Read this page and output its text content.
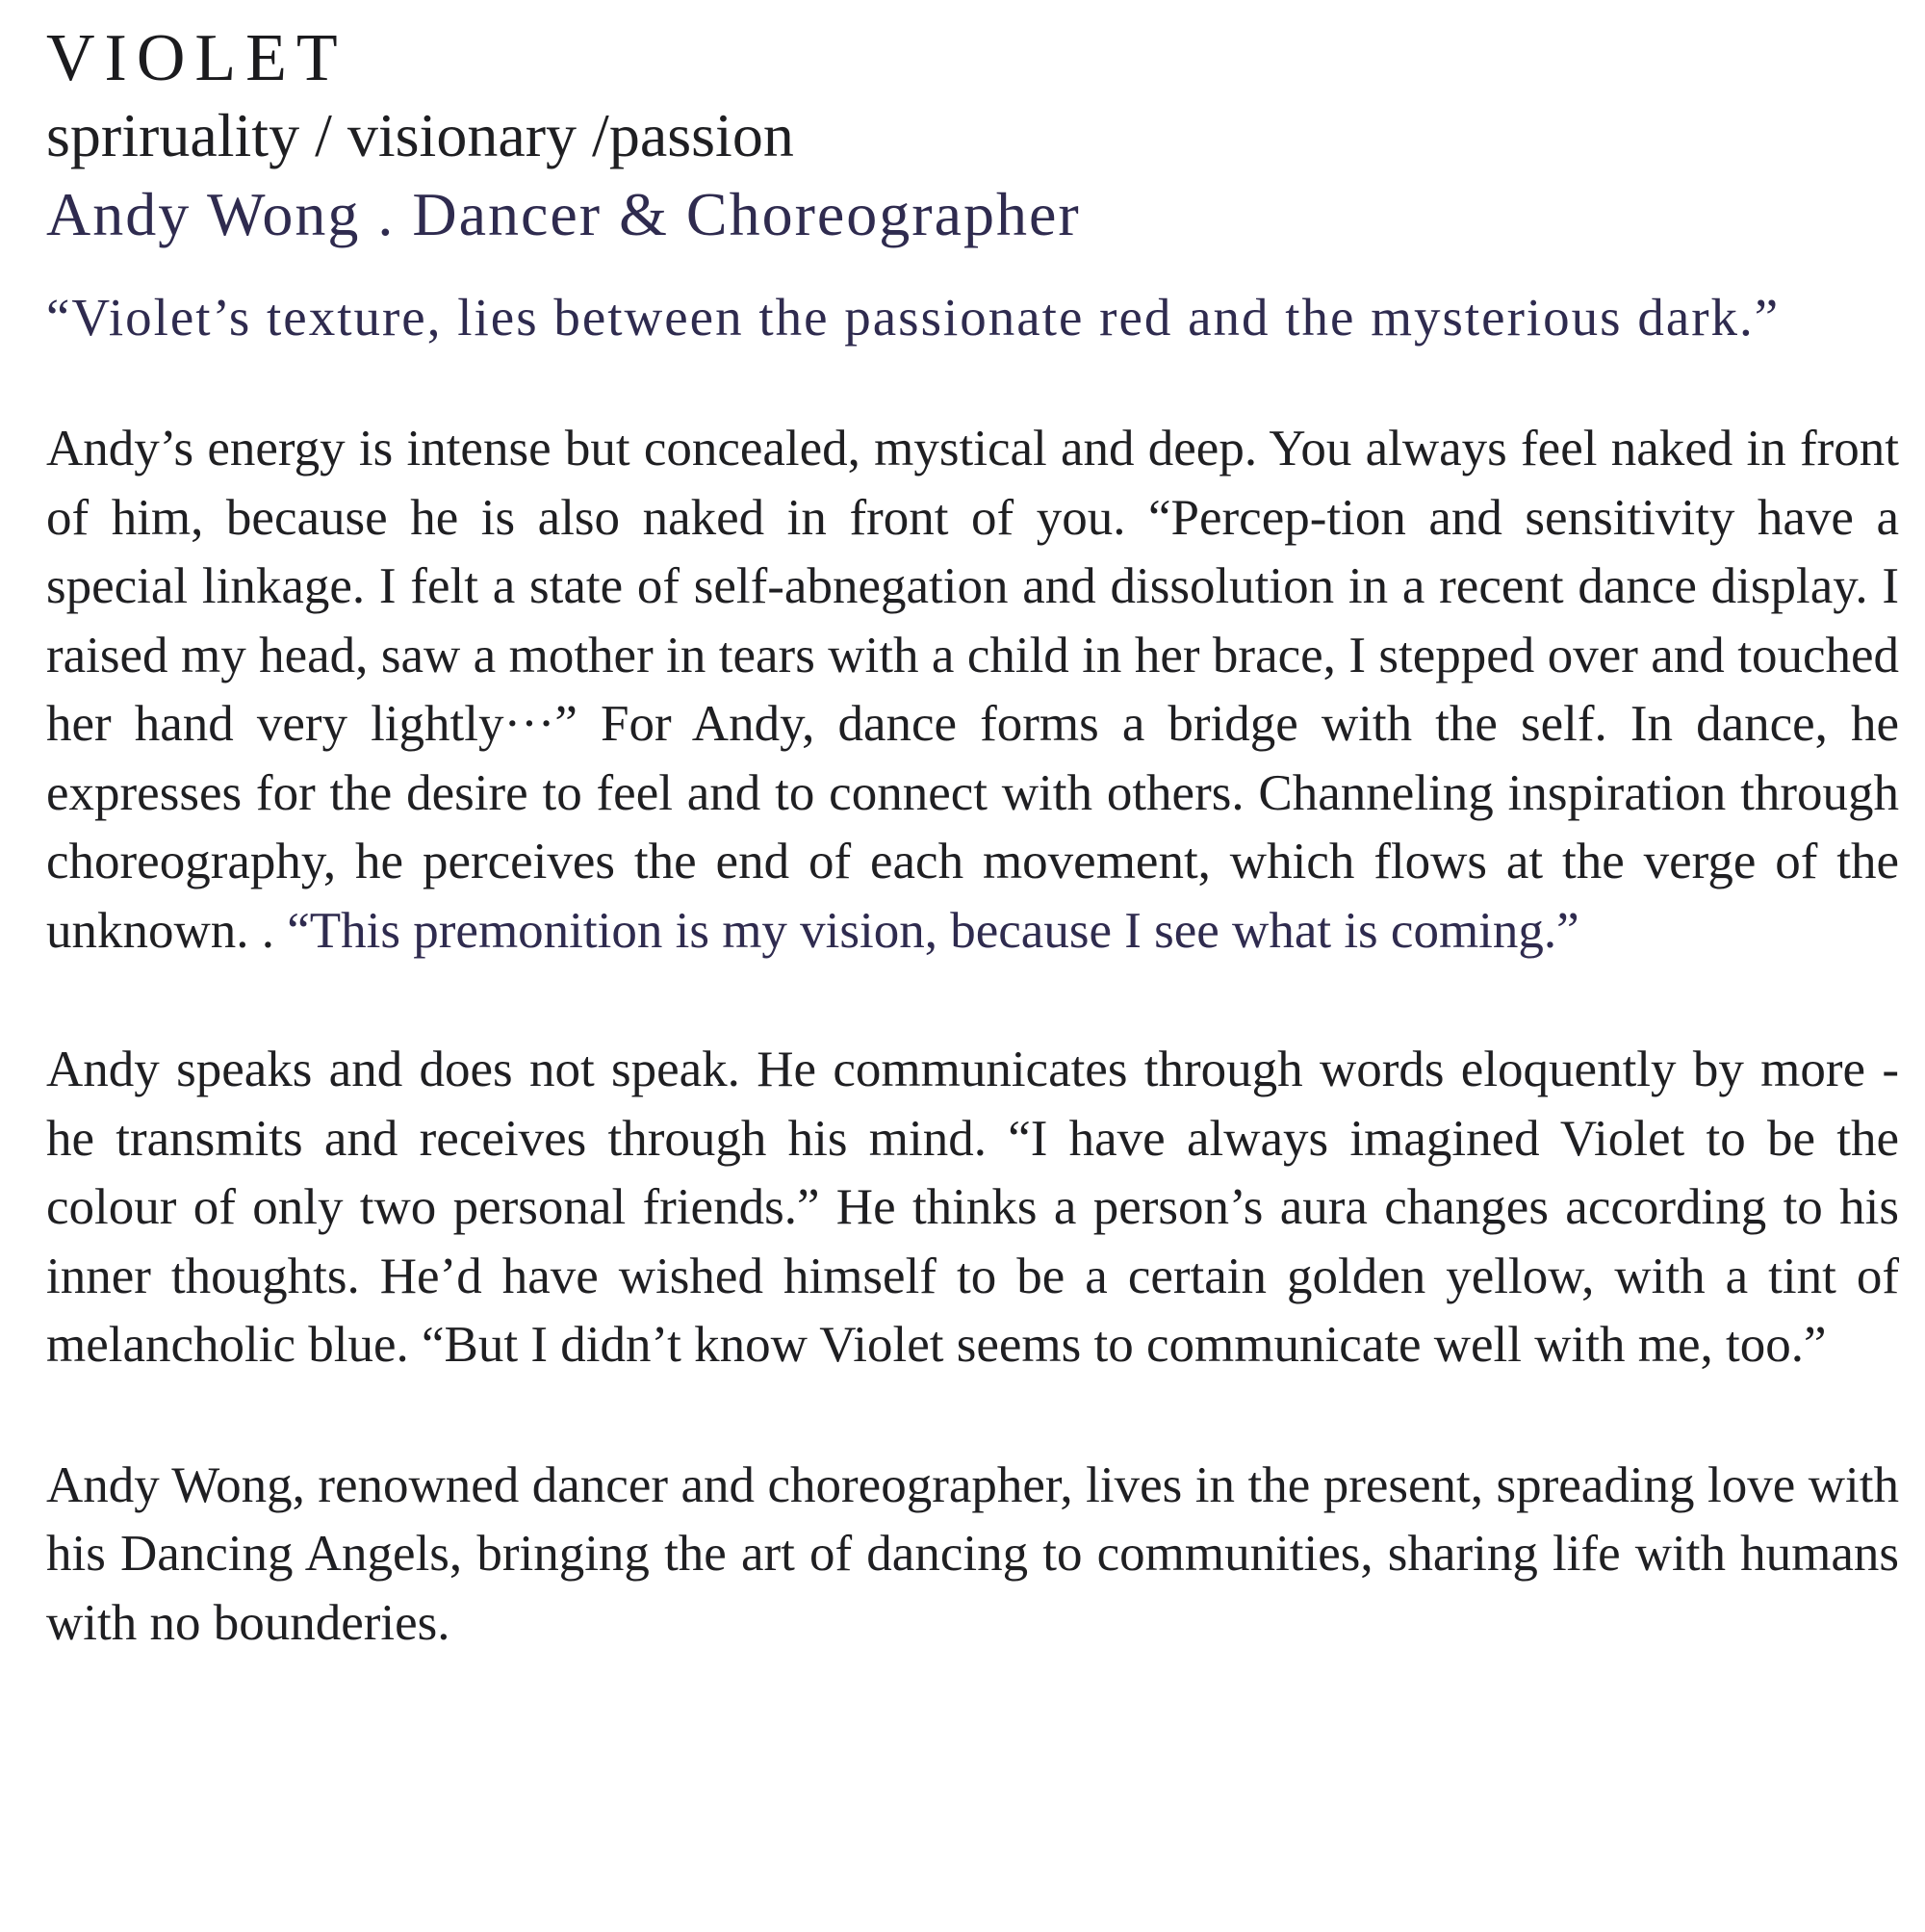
VIOLET
spriruality / visionary /passion
Andy Wong . Dancer & Choreographer
“Violet’s texture, lies between the passionate red and the mysterious dark.”

Andy’s energy is intense but concealed, mystical and deep. You always feel naked in front of him, because he is also naked in front of you. “Percep-tion and sensitivity have a special linkage. I felt a state of self-abnegation and dissolution in a recent dance display. I raised my head, saw a mother in tears with a child in her brace, I stepped over and touched her hand very lightly···” For Andy, dance forms a bridge with the self. In dance, he expresses for the desire to feel and to connect with others. Channeling inspiration through choreography, he perceives the end of each movement, which flows at the verge of the unknown. . “This premonition is my vision, because I see what is coming.”

Andy speaks and does not speak. He communicates through words eloquently by more - he transmits and receives through his mind. “I have always imagined Violet to be the colour of only two personal friends.” He thinks a person’s aura changes according to his inner thoughts. He’d have wished himself to be a certain golden yellow, with a tint of melancholic blue. “But I didn’t know Violet seems to communicate well with me, too.”

Andy Wong, renowned dancer and choreographer, lives in the present, spreading love with his Dancing Angels, bringing the art of dancing to communities, sharing life with humans with no bounderies.
